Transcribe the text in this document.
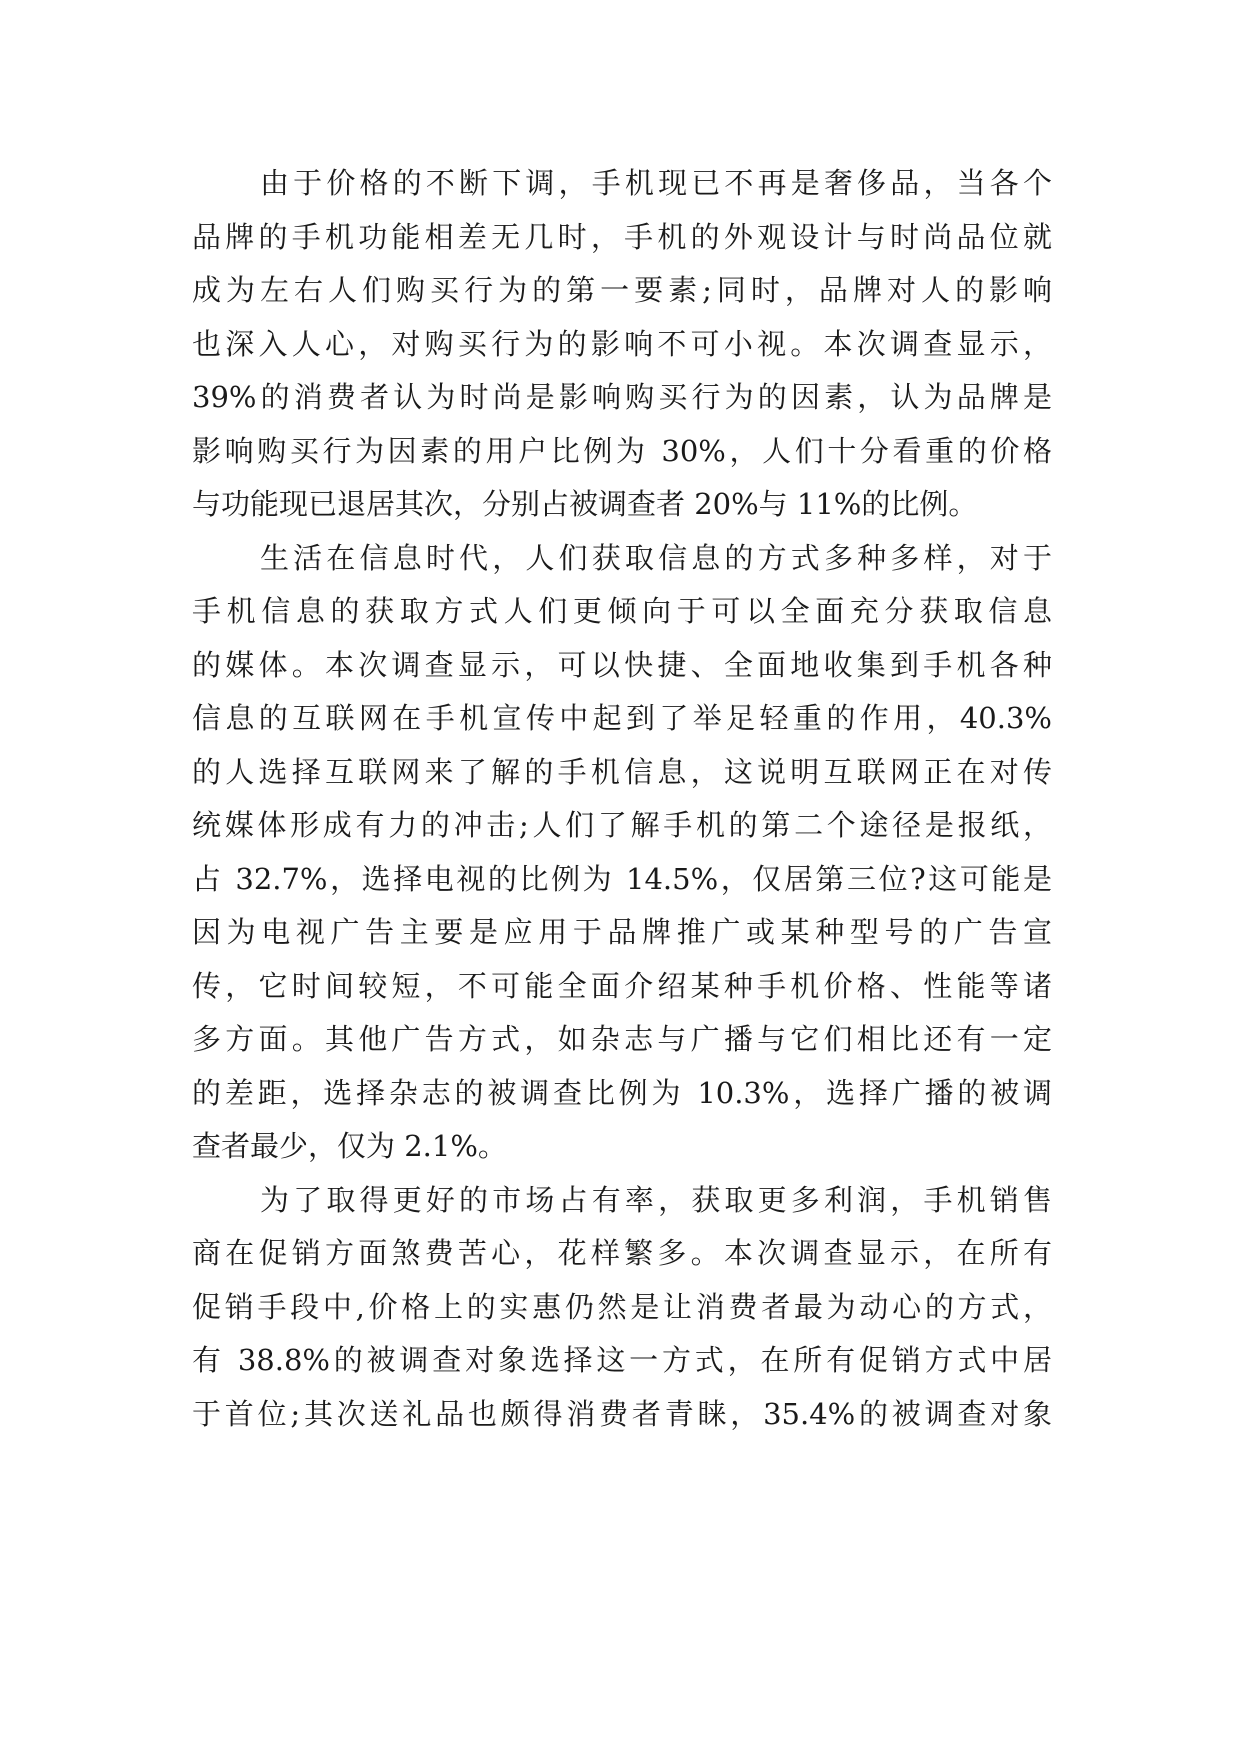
由于价格的不断下调，手机现已不再是奢侈品，当各个
品牌的手机功能相差无几时，手机的外观设计与时尚品位就
成为左右人们购买行为的第一要素;同时，品牌对人的影响
也深入人心，对购买行为的影响不可小视。本次调查显示，
39%的消费者认为时尚是影响购买行为的因素，认为品牌是
影响购买行为因素的用户比例为 30%，人们十分看重的价格
与功能现已退居其次，分别占被调查者 20%与 11%的比例。
生活在信息时代，人们获取信息的方式多种多样，对于
手机信息的获取方式人们更倾向于可以全面充分获取信息
的媒体。本次调查显示，可以快捷、全面地收集到手机各种
信息的互联网在手机宣传中起到了举足轻重的作用，40.3%
的人选择互联网来了解的手机信息，这说明互联网正在对传
统媒体形成有力的冲击;人们了解手机的第二个途径是报纸，
占 32.7%，选择电视的比例为 14.5%，仅居第三位?这可能是
因为电视广告主要是应用于品牌推广或某种型号的广告宣
传，它时间较短，不可能全面介绍某种手机价格、性能等诸
多方面。其他广告方式，如杂志与广播与它们相比还有一定
的差距，选择杂志的被调查比例为 10.3%，选择广播的被调
查者最少，仅为 2.1%。
为了取得更好的市场占有率，获取更多利润，手机销售
商在促销方面煞费苦心，花样繁多。本次调查显示，在所有
促销手段中,价格上的实惠仍然是让消费者最为动心的方式，
有 38.8%的被调查对象选择这一方式，在所有促销方式中居
于首位;其次送礼品也颇得消费者青睐，35.4%的被调查对象
